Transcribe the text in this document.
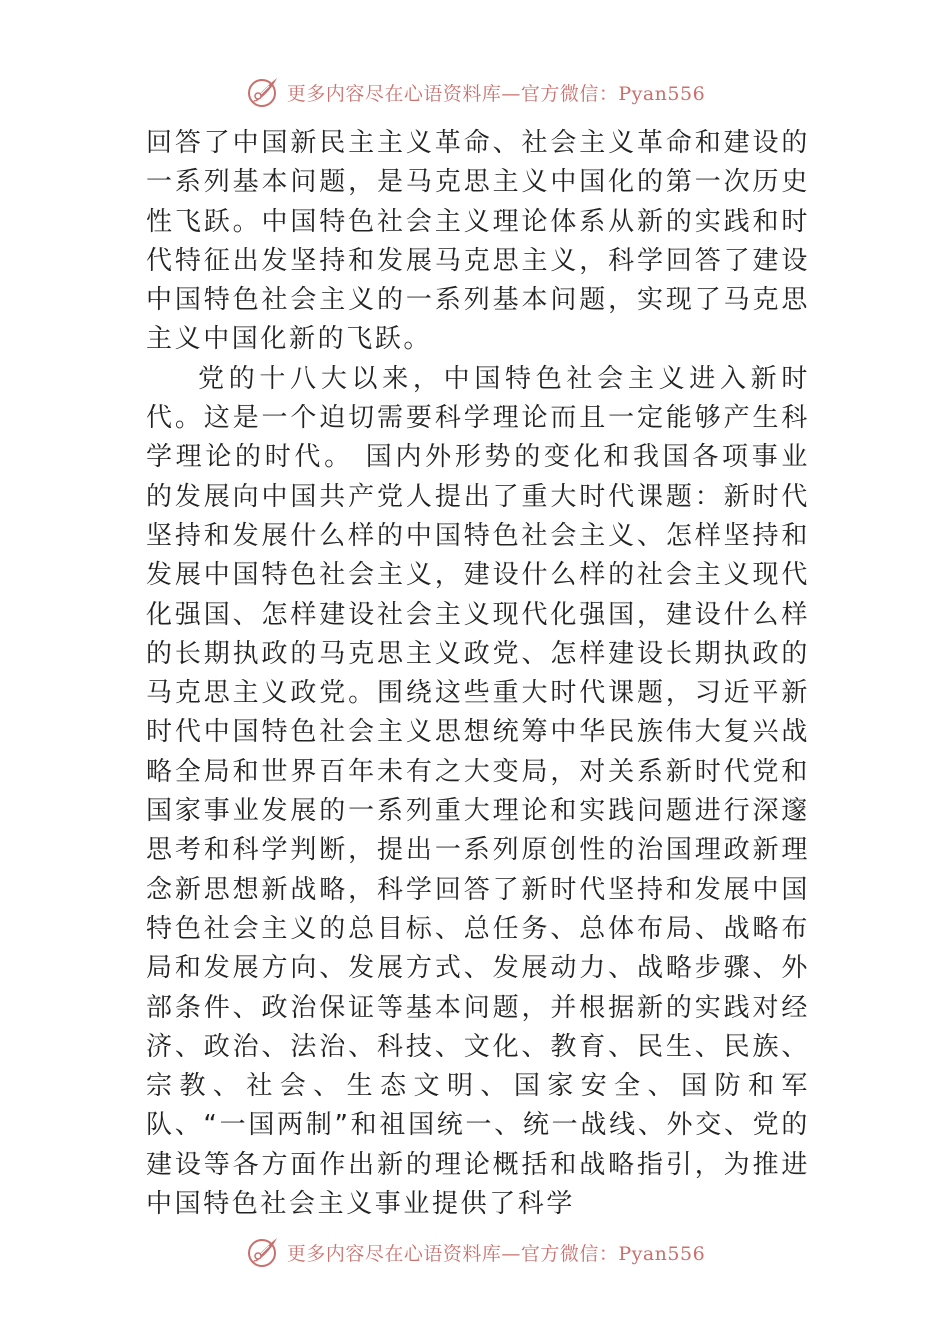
更多内容尽在心语资料库—官方微信：Pyan556

回答了中国新民主主义革命、社会主义革命和建设的一系列基本问题，是马克思主义中国化的第一次历史性飞跃。中国特色社会主义理论体系从新的实践和时代特征出发坚持和发展马克思主义，科学回答了建设中国特色社会主义的一系列基本问题，实现了马克思主义中国化新的飞跃。

党的十八大以来，中国特色社会主义进入新时代。这是一个迫切需要科学理论而且一定能够产生科学理论的时代。 国内外形势的变化和我国各项事业的发展向中国共产党人提出了重大时代课题：新时代坚持和发展什么样的中国特色社会主义、怎样坚持和发展中国特色社会主义，建设什么样的社会主义现代化强国、怎样建设社会主义现代化强国，建设什么样的长期执政的马克思主义政党、怎样建设长期执政的马克思主义政党。围绕这些重大时代课题，习近平新时代中国特色社会主义思想统筹中华民族伟大复兴战略全局和世界百年未有之大变局，对关系新时代党和国家事业发展的一系列重大理论和实践问题进行深邃思考和科学判断，提出一系列原创性的治国理政新理念新思想新战略，科学回答了新时代坚持和发展中国特色社会主义的总目标、总任务、总体布局、战略布局和发展方向、发展方式、发展动力、战略步骤、外部条件、政治保证等基本问题，并根据新的实践对经济、政治、法治、科技、文化、教育、民生、民族、宗教、社会、生态文明、国家安全、国防和军队、“一国两制”和祖国统一、统一战线、外交、党的建设等各方面作出新的理论概括和战略指引，为推进中国特色社会主义事业提供了科学

更多内容尽在心语资料库—官方微信：Pyan556
